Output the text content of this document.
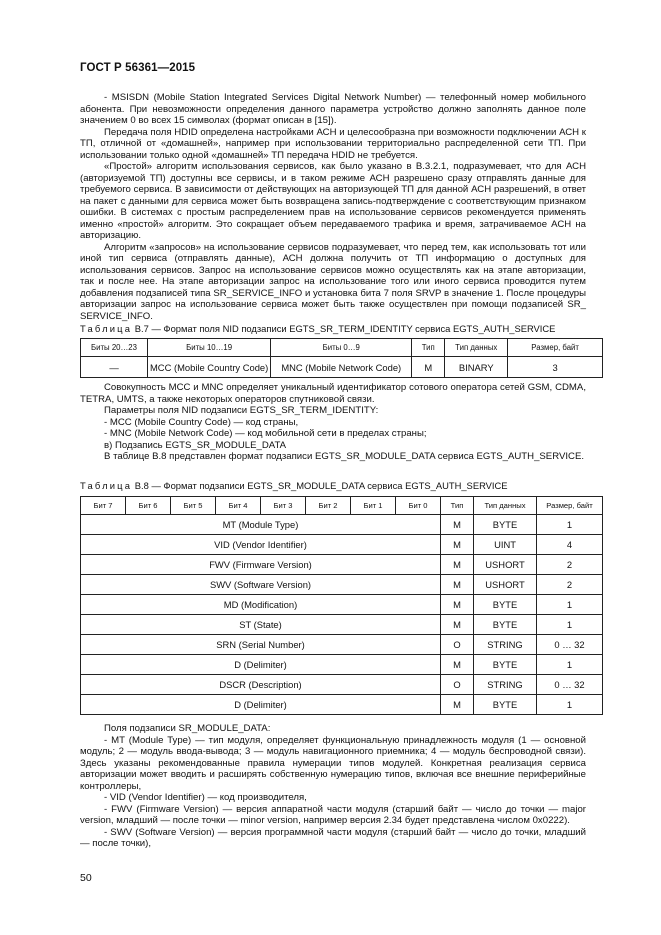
ГОСТ Р 56361—2015

- MSISDN (Mobile Station Integrated Services Digital Network Number) — телефонный номер мобильного абонента. При невозможности определения данного параметра устройство должно заполнять данное поле значением 0 во всех 15 символах (формат описан в [15]).

Передача поля HDID определена настройками АСН и целесообразна при возможности подключении АСН к ТП, отличной от «домашней», например при использовании территориально распределенной сети ТП. При использовании только одной «домашней» ТП передача HDID не требуется.

«Простой» алгоритм использования сервисов, как было указано в В.3.2.1, подразумевает, что для АСН (авторизуемой ТП) доступны все сервисы, и в таком режиме АСН разрешено сразу отправлять данные для требуемого сервиса. В зависимости от действующих на авторизующей ТП для данной АСН разрешений, в ответ на пакет с данными для сервиса может быть возвращена запись-подтверждение с соответствующим признаком ошибки. В системах с простым распределением прав на использование сервисов рекомендуется применять именно «простой» алгоритм. Это сокращает объем передаваемого трафика и время, затрачиваемое АСН на авторизацию.

Алгоритм «запросов» на использование сервисов подразумевает, что перед тем, как использовать тот или иной тип сервиса (отправлять данные), АСН должна получить от ТП информацию о доступных для использования сервисов. Запрос на использование сервисов можно осуществлять как на этапе авторизации, так и после нее. На этапе авторизации запрос на использование того или иного сервиса проводится путем добавления подзаписей типа SR_SERVICE_INFO и установка бита 7 поля SRVP в значение 1. После процедуры авторизации запрос на использование сервиса может быть также осуществлен при помощи подзаписей SR_ SERVICE_INFO.

Таблица В.7 — Формат поля NID подзаписи EGTS_SR_TERM_IDENTITY сервиса EGTS_AUTH_SERVICE
Биты 20…23	Биты 10…19	Биты 0…9	Тип	Тип данных	Размер, байт
—	MCC (Mobile Country Code)	MNC (Mobile Network Code)	M	BINARY	3

Совокупность MCC и MNC определяет уникальный идентификатор сотового оператора сетей GSM, CDMA, TETRA, UMTS, а также некоторых операторов спутниковой связи.

Параметры поля NID подзаписи EGTS_SR_TERM_IDENTITY:

- MCC (Mobile Country Code) — код страны,

- MNC (Mobile Network Code) — код мобильной сети в пределах страны;

в) Подзапись EGTS_SR_MODULE_DATA

В таблице В.8 представлен формат подзаписи EGTS_SR_MODULE_DATA сервиса EGTS_AUTH_SERVICE.

Таблица В.8 — Формат подзаписи EGTS_SR_MODULE_DATA сервиса EGTS_AUTH_SERVICE
Бит 7	Бит 6	Бит 5	Бит 4	Бит 3	Бит 2	Бит 1	Бит 0	Тип	Тип данных	Размер, байт
MT (Module Type)								M	BYTE	1
VID (Vendor Identifier)								M	UINT	4
FWV (Firmware Version)								M	USHORT	2
SWV (Software Version)								M	USHORT	2
MD (Modification)								M	BYTE	1
ST (State)								M	BYTE	1
SRN (Serial Number)								O	STRING	0 … 32
D (Delimiter)								M	BYTE	1
DSCR (Description)								O	STRING	0 … 32
D (Delimiter)								M	BYTE	1

Поля подзаписи SR_MODULE_DATA:

- MT (Module Type) — тип модуля, определяет функциональную принадлежность модуля (1 — основной модуль; 2 — модуль ввода-вывода; 3 — модуль навигационного приемника; 4 — модуль беспроводной связи). Здесь указаны рекомендованные правила нумерации типов модулей. Конкретная реализация сервиса авторизации может вводить и расширять собственную нумерацию типов, включая все внешние периферийные контроллеры,

- VID (Vendor Identifier) — код производителя,

- FWV (Firmware Version) — версия аппаратной части модуля (старший байт — число до точки — major version, младший — после точки — minor version, например версия 2.34 будет представлена числом 0x0222).

- SWV (Software Version) — версия программной части модуля (старший байт — число до точки, младший — после точки),

50
